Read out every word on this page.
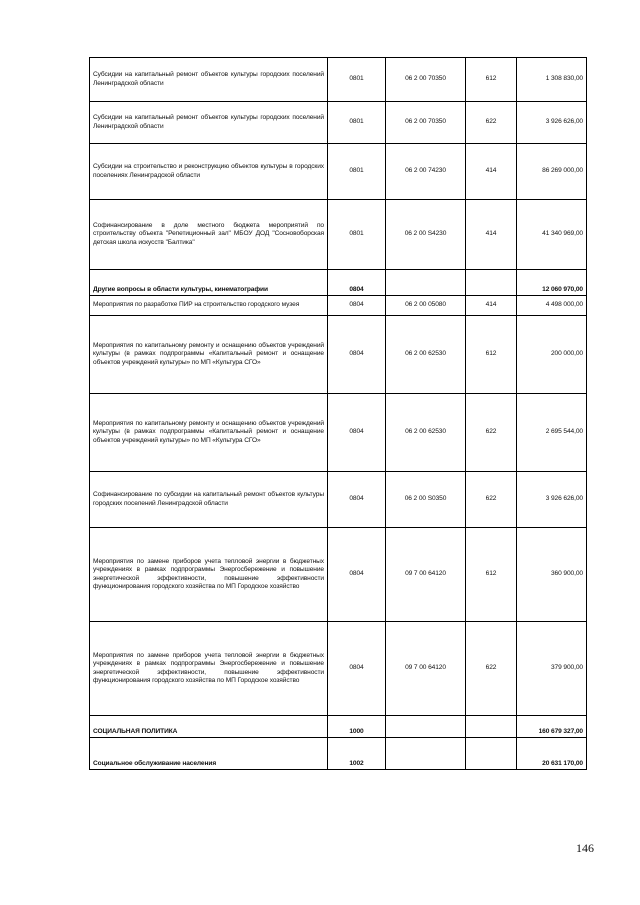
Субсидии на капитальный ремонт объектов культуры городских поселений Ленинградской области	0801	06 2 00 70350	612	1 308 830,00
Субсидии на капитальный ремонт объектов культуры городских поселений Ленинградской области	0801	06 2 00 70350	622	3 926 626,00
Субсидии на строительство и реконструкцию объектов культуры в городских поселениях Ленинградской области	0801	06 2 00 74230	414	86 269 000,00
Софинансирование в доле местного бюджета мероприятий по строительству объекта "Репетиционный зал" МБОУ ДОД "Сосновоборская детская школа искусств "Балтика"	0801	06 2 00 S4230	414	41 340 969,00
Другие вопросы в области культуры, кинематографии	0804			12 060 970,00
Мероприятия по разработке ПИР на строительство городского музея	0804	06 2 00 05080	414	4 498 000,00
Мероприятия по капитальному ремонту и оснащению объектов учреждений культуры (в рамках подпрограммы «Капитальный ремонт и оснащение объектов учреждений культуры» по МП «Культура СГО»	0804	06 2 00 62530	612	200 000,00
Мероприятия по капитальному ремонту и оснащению объектов учреждений культуры (в рамках подпрограммы «Капитальный ремонт и оснащение объектов учреждений культуры» по МП «Культура СГО»	0804	06 2 00 62530	622	2 695 544,00
Софинансирование по субсидии на капитальный ремонт объектов культуры городских поселений Ленинградской области	0804	06 2 00 S0350	622	3 926 626,00
Мероприятия по замене приборов учета тепловой энергии в бюджетных учреждениях в рамках подпрограммы Энергосбережение и повышение энергетической эффективности, повышение эффективности функционирования городского хозяйства по МП Городское хозяйство	0804	09 7 00 64120	612	360 900,00
Мероприятия по замене приборов учета тепловой энергии в бюджетных учреждениях в рамках подпрограммы Энергосбережение и повышение энергетической эффективности, повышение эффективности функционирования городского хозяйства по МП Городское хозяйство	0804	09 7 00 64120	622	379 900,00
СОЦИАЛЬНАЯ ПОЛИТИКА	1000			160 679 327,00
Социальное обслуживание населения	1002			20 631 170,00
146
